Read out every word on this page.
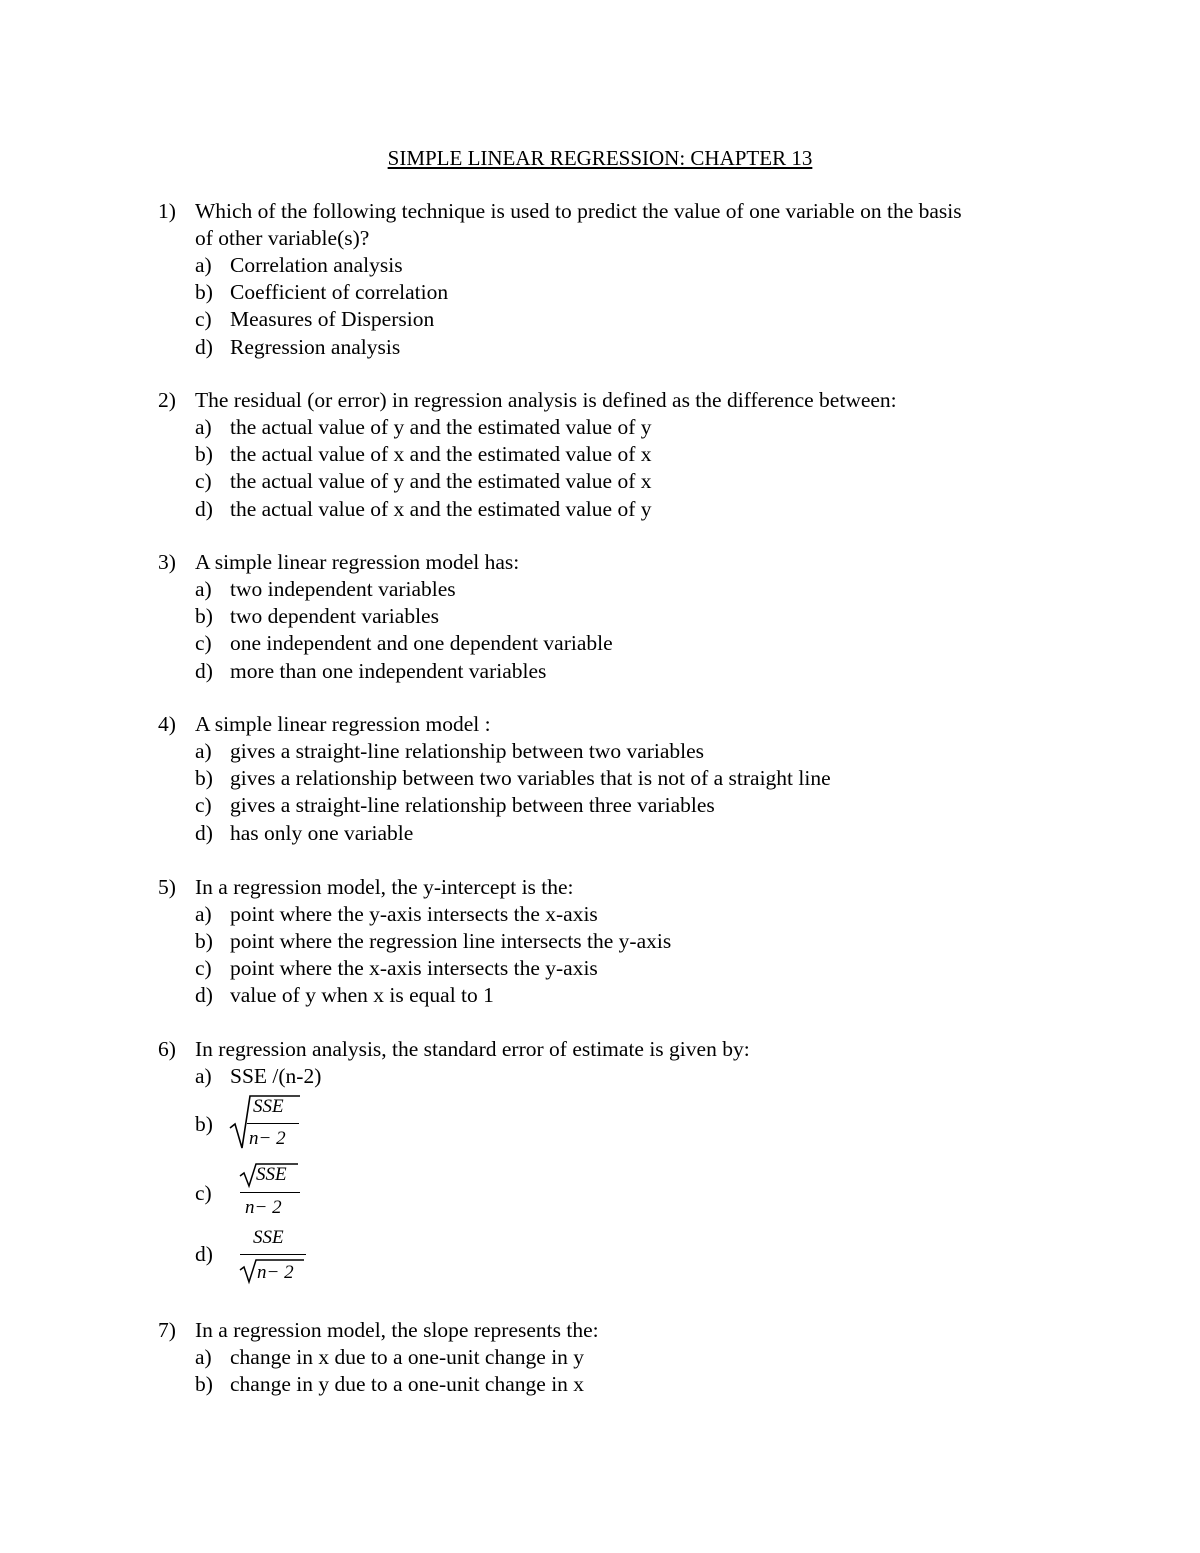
SIMPLE LINEAR REGRESSION: CHAPTER 13
1) Which of the following technique is used to predict the value of one variable on the basis
of other variable(s)?
a) Correlation analysis
b) Coefficient of correlation
c) Measures of Dispersion
d) Regression analysis
2) The residual (or error) in regression analysis is defined as the difference between:
a) the actual value of y and the estimated value of y
b) the actual value of x and the estimated value of x
c) the actual value of y and the estimated value of x
d) the actual value of x and the estimated value of y
3) A simple linear regression model has:
a) two independent variables
b) two dependent variables
c) one independent and one dependent variable
d) more than one independent variables
4) A simple linear regression model :
a) gives a straight-line relationship between two variables
b) gives a relationship between two variables that is not of a straight line
c) gives a straight-line relationship between three variables
d) has only one variable
5) In a regression model, the y-intercept is the:
a) point where the y-axis intersects the x-axis
b) point where the regression line intersects the y-axis
c) point where the x-axis intersects the y-axis
d) value of y when x is equal to 1
6) In regression analysis, the standard error of estimate is given by:
a) SSE /(n-2)
b)
SSE
n− 2
c)
SSE
n− 2
d)
SSE
n− 2
7) In a regression model, the slope represents the:
a) change in x due to a one-unit change in y
b) change in y due to a one-unit change in x
